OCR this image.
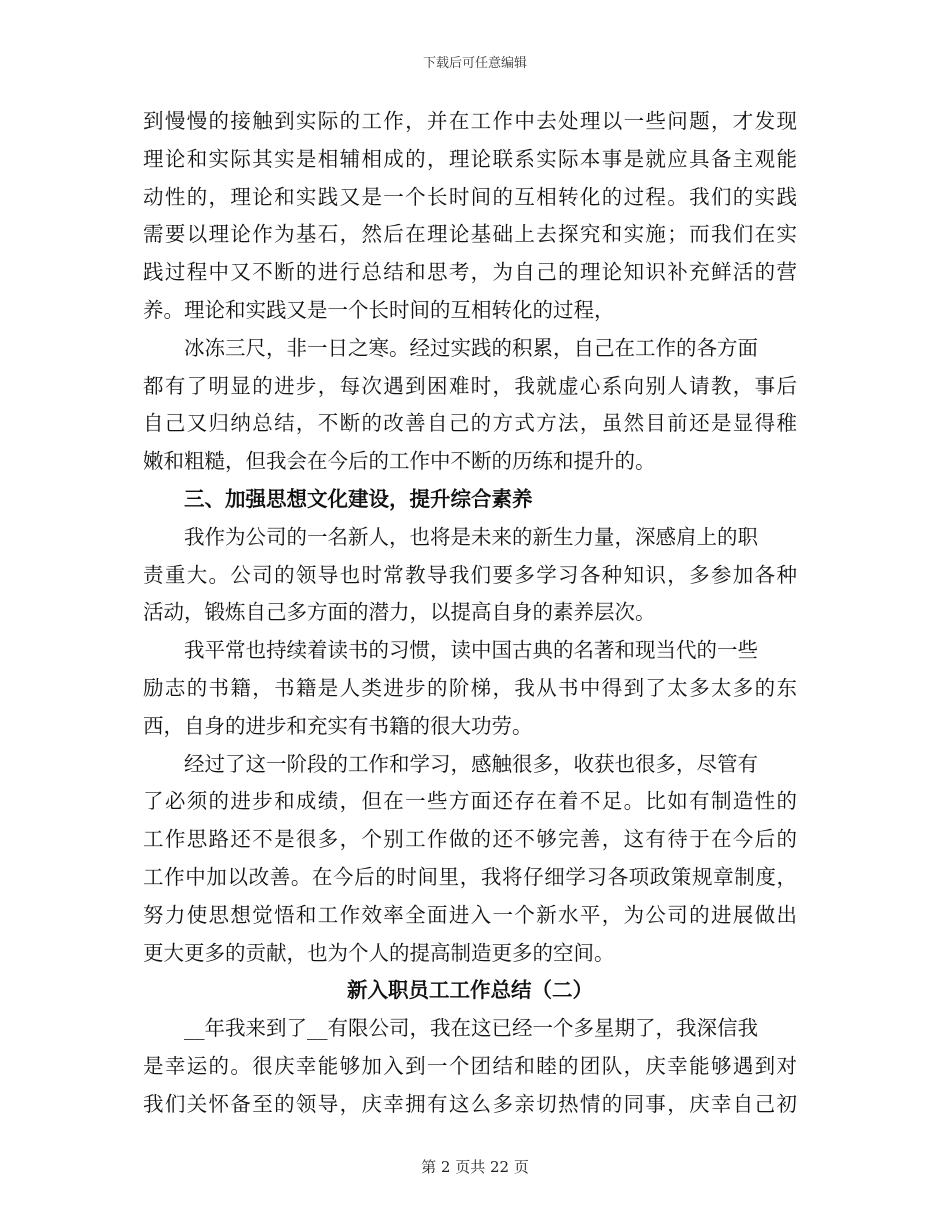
下载后可任意编辑
到慢慢的接触到实际的工作，并在工作中去处理以一些问题，才发现
理论和实际其实是相辅相成的，理论联系实际本事是就应具备主观能
动性的，理论和实践又是一个长时间的互相转化的过程。我们的实践
需要以理论作为基石，然后在理论基础上去探究和实施；而我们在实
践过程中又不断的进行总结和思考，为自己的理论知识补充鲜活的营
养。理论和实践又是一个长时间的互相转化的过程，
冰冻三尺，非一日之寒。经过实践的积累，自己在工作的各方面
都有了明显的进步，每次遇到困难时，我就虚心系向别人请教，事后
自己又归纳总结，不断的改善自己的方式方法，虽然目前还是显得稚
嫩和粗糙，但我会在今后的工作中不断的历练和提升的。
三、加强思想文化建设，提升综合素养
我作为公司的一名新人，也将是未来的新生力量，深感肩上的职
责重大。公司的领导也时常教导我们要多学习各种知识，多参加各种
活动，锻炼自己多方面的潜力，以提高自身的素养层次。
我平常也持续着读书的习惯，读中国古典的名著和现当代的一些
励志的书籍，书籍是人类进步的阶梯，我从书中得到了太多太多的东
西，自身的进步和充实有书籍的很大功劳。
经过了这一阶段的工作和学习，感触很多，收获也很多，尽管有
了必须的进步和成绩，但在一些方面还存在着不足。比如有制造性的
工作思路还不是很多，个别工作做的还不够完善，这有待于在今后的
工作中加以改善。在今后的时间里，我将仔细学习各项政策规章制度，
努力使思想觉悟和工作效率全面进入一个新水平，为公司的进展做出
更大更多的贡献，也为个人的提高制造更多的空间。
新入职员工工作总结（二）
__年我来到了__有限公司，我在这已经一个多星期了，我深信我
是幸运的。很庆幸能够加入到一个团结和睦的团队，庆幸能够遇到对
我们关怀备至的领导，庆幸拥有这么多亲切热情的同事，庆幸自己初
第 2 页共 22 页
